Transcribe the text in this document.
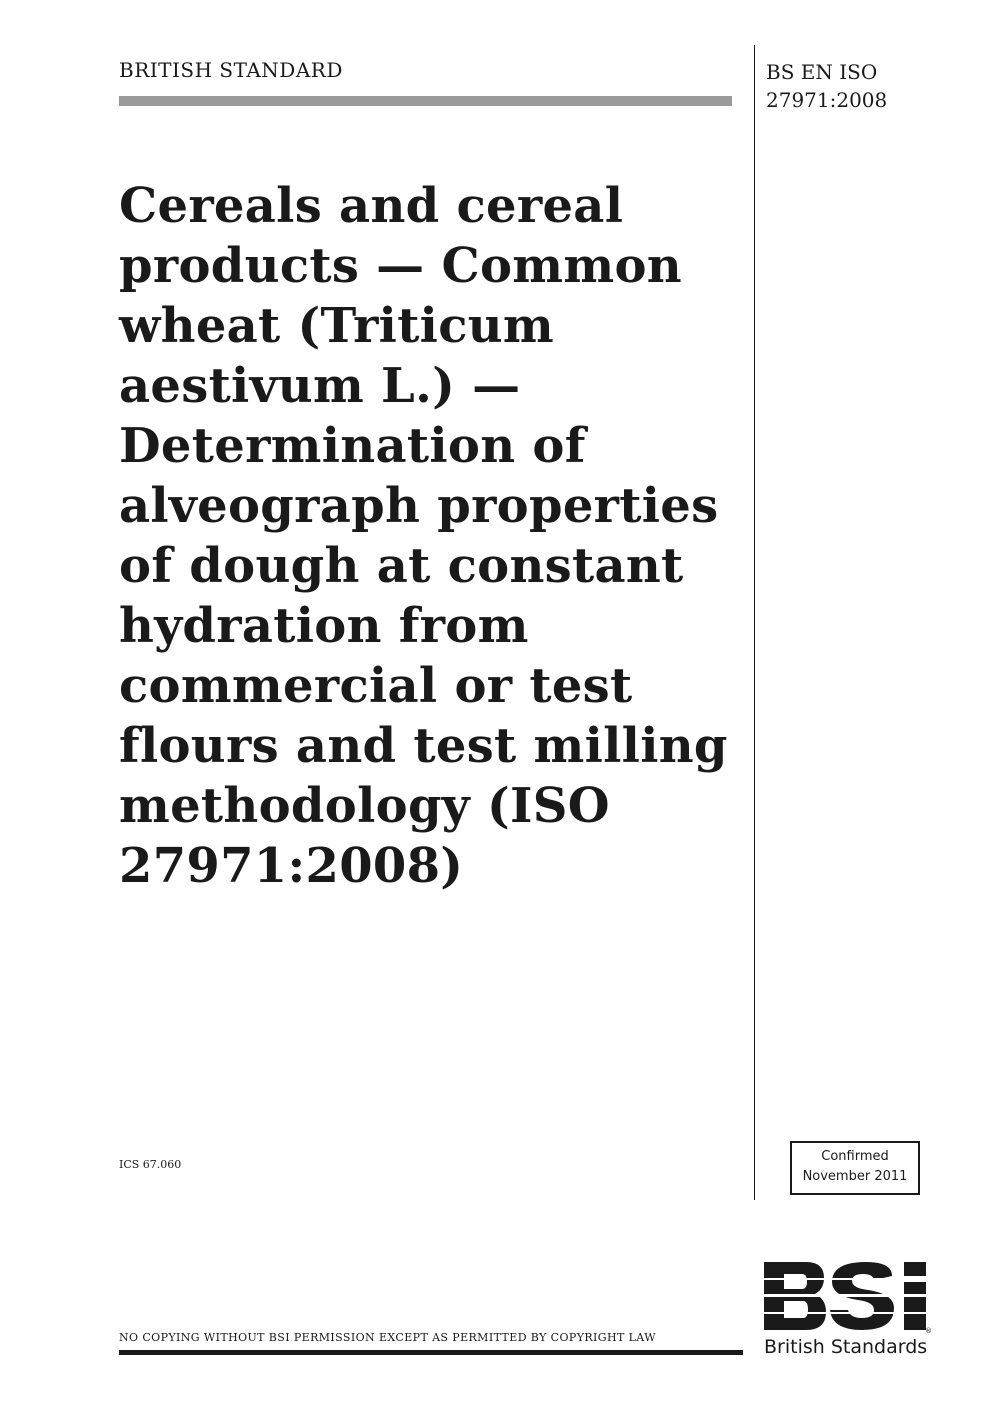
BRITISH STANDARD	BS EN ISO
27971:2008
Cereals and cereal
products — Common
wheat (Triticum
aestivum L.) —
Determination of
alveograph properties
of dough at constant
hydration from
commercial or test
flours and test milling
methodology (ISO
27971:2008)
ICS 67.060
Confirmed
November 2011
NO COPYING WITHOUT BSI PERMISSION EXCEPT AS PERMITTED BY COPYRIGHT LAW	®
British Standards
